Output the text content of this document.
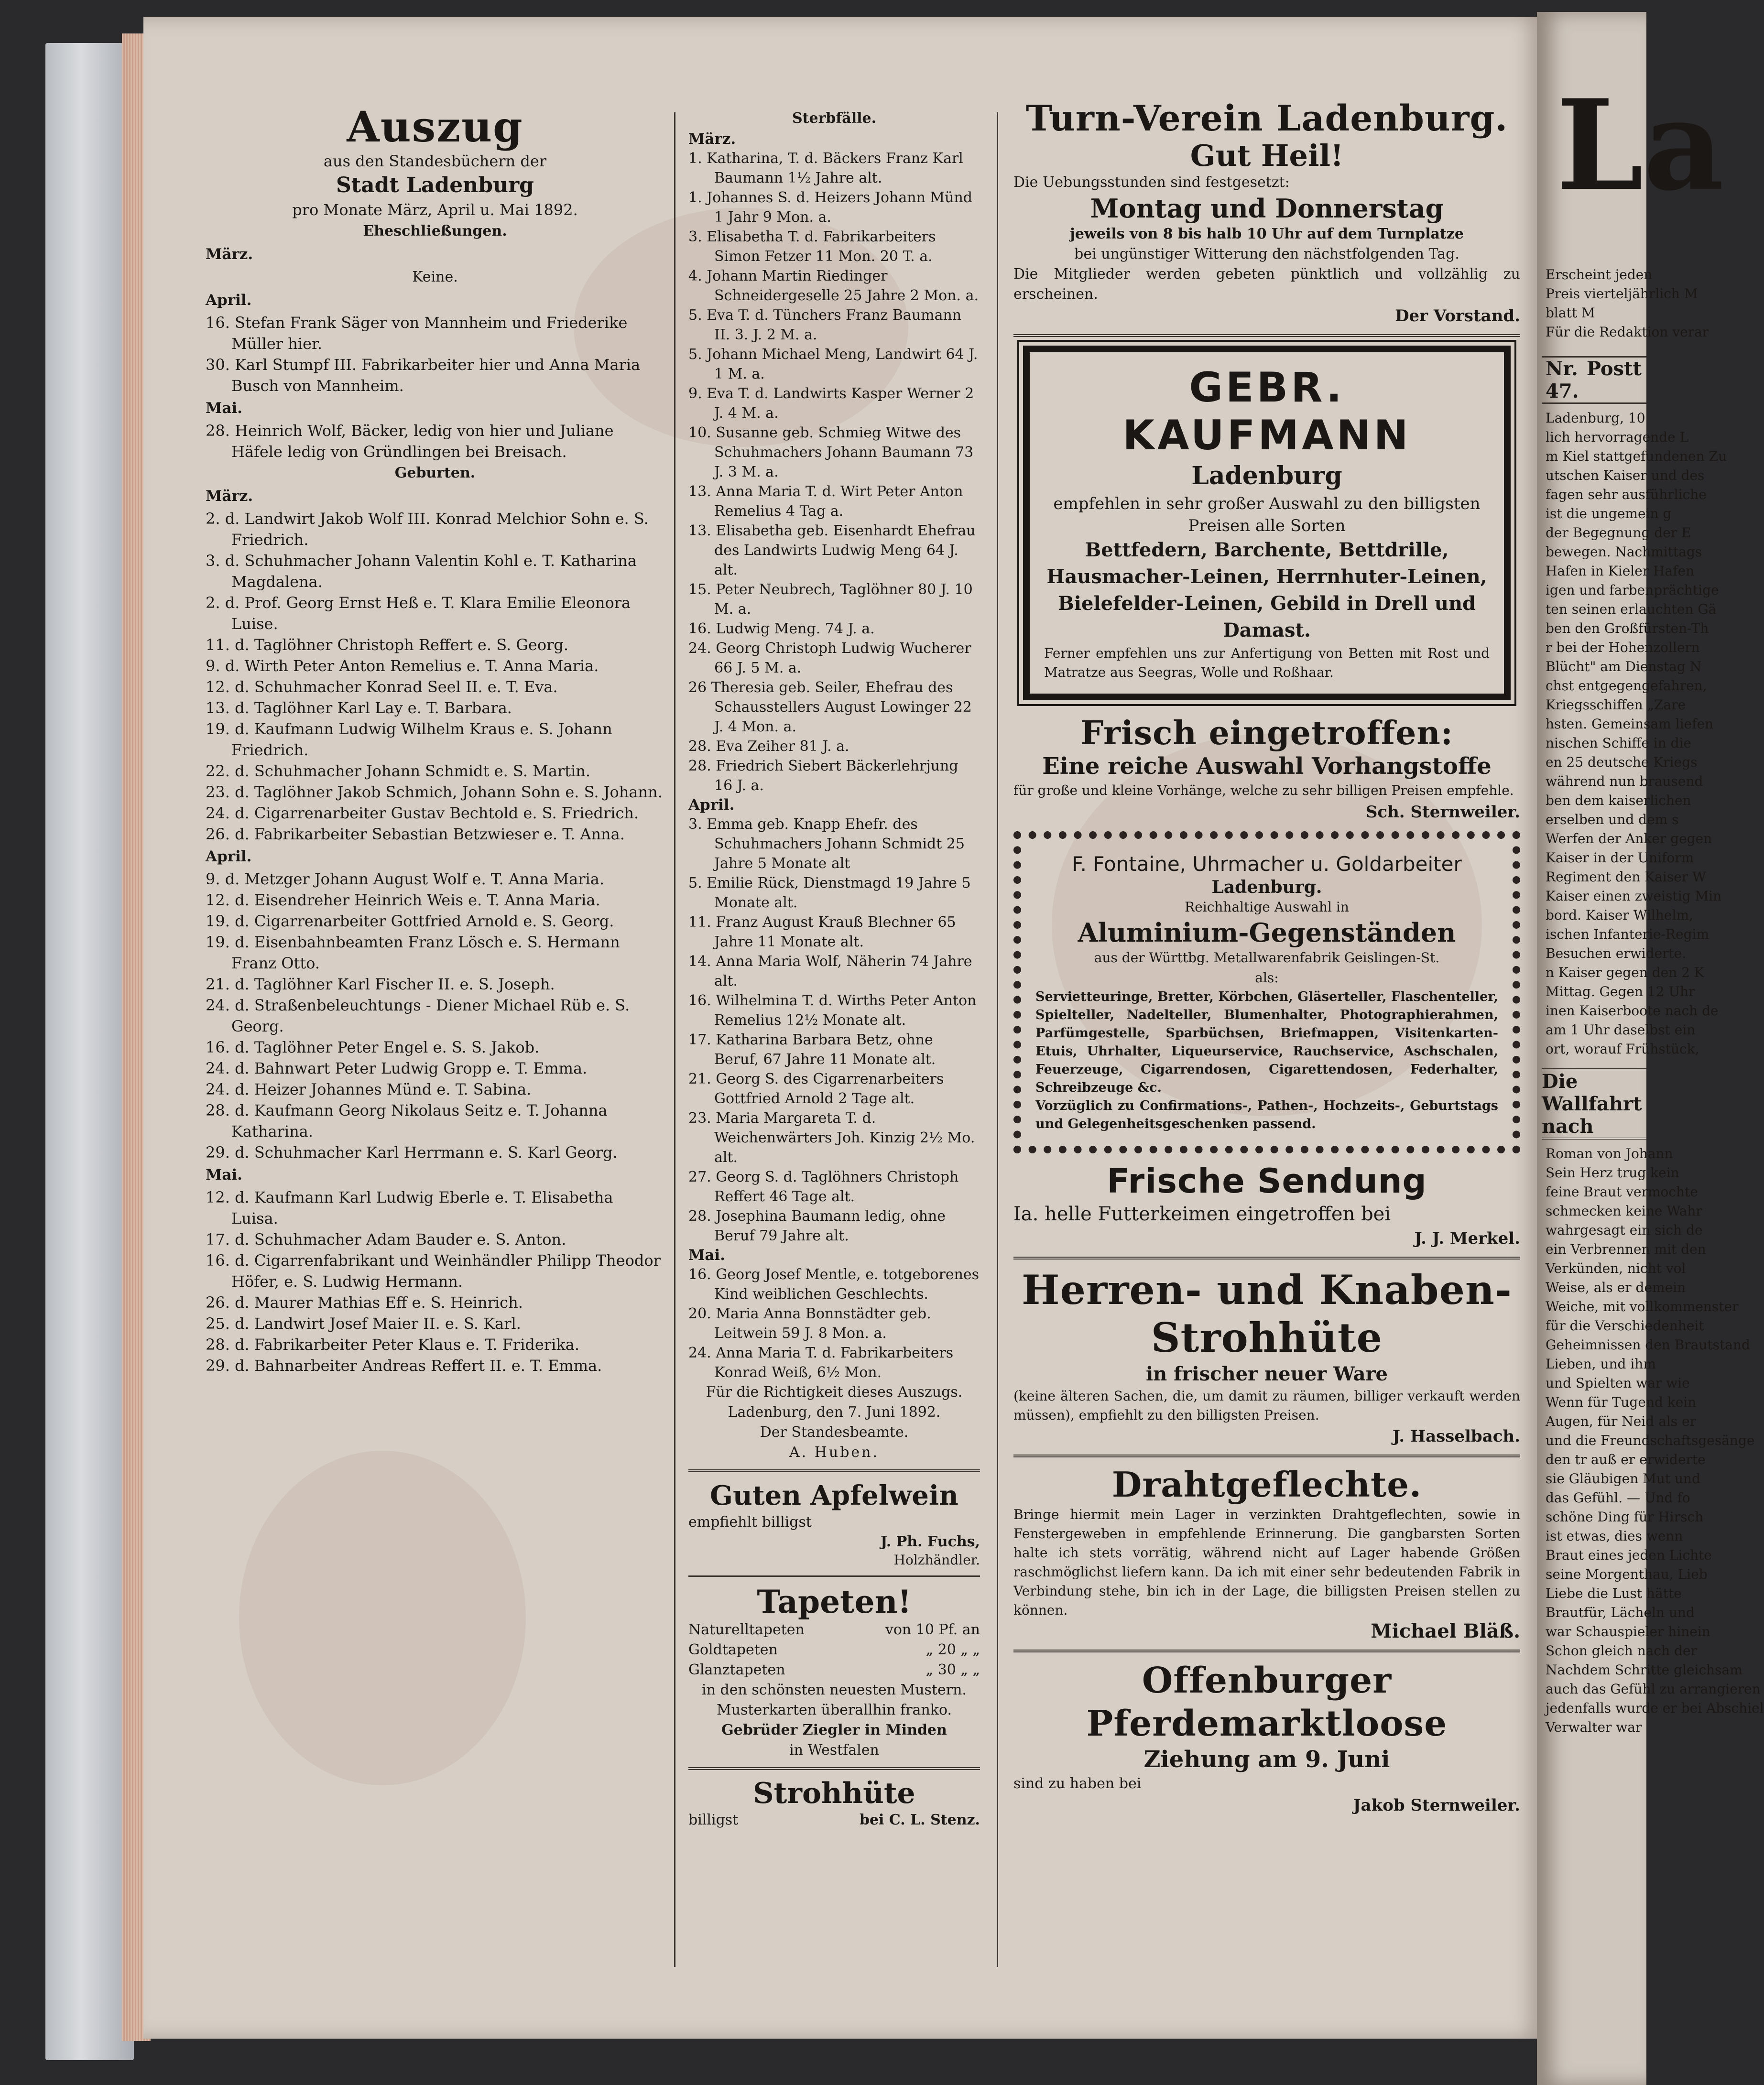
Auszug

aus den Standesbüchern der

Stadt Ladenburg

pro Monate März, April u. Mai 1892.

Eheschließungen.

März.

Keine.

April.

16. Stefan Frank Säger von Mannheim und Friederike Müller hier.

30. Karl Stumpf III. Fabrikarbeiter hier und Anna Maria Busch von Mannheim.

Mai.

28. Heinrich Wolf, Bäcker, ledig von hier und Juliane Häfele ledig von Gründlingen bei Breisach.

Geburten.

März.

2. d. Landwirt Jakob Wolf III. Konrad Melchior Sohn e. S. Friedrich.

3. d. Schuhmacher Johann Valentin Kohl e. T. Katharina Magdalena.

2. d. Prof. Georg Ernst Heß e. T. Klara Emilie Eleonora Luise.

11. d. Taglöhner Christoph Reffert e. S. Georg.

9. d. Wirth Peter Anton Remelius e. T. Anna Maria.

12. d. Schuhmacher Konrad Seel II. e. T. Eva.

13. d. Taglöhner Karl Lay e. T. Barbara.

19. d. Kaufmann Ludwig Wilhelm Kraus e. S. Johann Friedrich.

22. d. Schuhmacher Johann Schmidt e. S. Martin.

23. d. Taglöhner Jakob Schmich, Johann Sohn e. S. Johann.

24. d. Cigarrenarbeiter Gustav Bechtold e. S. Friedrich.

26. d. Fabrikarbeiter Sebastian Betzwieser e. T. Anna.

April.

9. d. Metzger Johann August Wolf e. T. Anna Maria.

12. d. Eisendreher Heinrich Weis e. T. Anna Maria.

19. d. Cigarrenarbeiter Gottfried Arnold e. S. Georg.

19. d. Eisenbahnbeamten Franz Lösch e. S. Hermann Franz Otto.

21. d. Taglöhner Karl Fischer II. e. S. Joseph.

24. d. Straßenbeleuchtungs - Diener Michael Rüb e. S. Georg.

16. d. Taglöhner Peter Engel e. S. S. Jakob.

24. d. Bahnwart Peter Ludwig Gropp e. T. Emma.

24. d. Heizer Johannes Münd e. T. Sabina.

28. d. Kaufmann Georg Nikolaus Seitz e. T. Johanna Katharina.

29. d. Schuhmacher Karl Herrmann e. S. Karl Georg.

Mai.

12. d. Kaufmann Karl Ludwig Eberle e. T. Elisabetha Luisa.

17. d. Schuhmacher Adam Bauder e. S. Anton.

16. d. Cigarrenfabrikant und Weinhändler Philipp Theodor Höfer, e. S. Ludwig Hermann.

26. d. Maurer Mathias Eff e. S. Heinrich.

25. d. Landwirt Josef Maier II. e. S. Karl.

28. d. Fabrikarbeiter Peter Klaus e. T. Friderika.

29. d. Bahnarbeiter Andreas Reffert II. e. T. Emma.

Sterbfälle.

März.

1. Katharina, T. d. Bäckers Franz Karl Baumann 1½ Jahre alt.

1. Johannes S. d. Heizers Johann Münd 1 Jahr 9 Mon. a.

3. Elisabetha T. d. Fabrikarbeiters Simon Fetzer 11 Mon. 20 T. a.

4. Johann Martin Riedinger Schneidergeselle 25 Jahre 2 Mon. a.

5. Eva T. d. Tünchers Franz Baumann II. 3. J. 2 M. a.

5. Johann Michael Meng, Landwirt 64 J. 1 M. a.

9. Eva T. d. Landwirts Kasper Werner 2 J. 4 M. a.

10. Susanne geb. Schmieg Witwe des Schuhmachers Johann Baumann 73 J. 3 M. a.

13. Anna Maria T. d. Wirt Peter Anton Remelius 4 Tag a.

13. Elisabetha geb. Eisenhardt Ehefrau des Landwirts Ludwig Meng 64 J. alt.

15. Peter Neubrech, Taglöhner 80 J. 10 M. a.

16. Ludwig Meng. 74 J. a.

24. Georg Christoph Ludwig Wucherer 66 J. 5 M. a.

26 Theresia geb. Seiler, Ehefrau des Schausstellers August Lowinger 22 J. 4 Mon. a.

28. Eva Zeiher 81 J. a.

28. Friedrich Siebert Bäckerlehrjung 16 J. a.

April.

3. Emma geb. Knapp Ehefr. des Schuhmachers Johann Schmidt 25 Jahre 5 Monate alt

5. Emilie Rück, Dienstmagd 19 Jahre 5 Monate alt.

11. Franz August Krauß Blechner 65 Jahre 11 Monate alt.

14. Anna Maria Wolf, Näherin 74 Jahre alt.

16. Wilhelmina T. d. Wirths Peter Anton Remelius 12½ Monate alt.

17. Katharina Barbara Betz, ohne Beruf, 67 Jahre 11 Monate alt.

21. Georg S. des Cigarrenarbeiters Gottfried Arnold 2 Tage alt.

23. Maria Margareta T. d. Weichenwärters Joh. Kinzig 2½ Mo. alt.

27. Georg S. d. Taglöhners Christoph Reffert 46 Tage alt.

28. Josephina Baumann ledig, ohne Beruf 79 Jahre alt.

Mai.

16. Georg Josef Mentle, e. totgeborenes Kind weiblichen Geschlechts.

20. Maria Anna Bonnstädter geb. Leitwein 59 J. 8 Mon. a.

24. Anna Maria T. d. Fabrikarbeiters Konrad Weiß, 6½ Mon.

Für die Richtigkeit dieses Auszugs.

Ladenburg, den 7. Juni 1892.

Der Standesbeamte.

A. Huben.

Guten Apfelwein

empfiehlt billigst

J. Ph. Fuchs,

Holzhändler.

Tapeten!

Naturelltapeten	von 10 Pf. an
Goldtapeten	„ 20 „ „
Glanztapeten	„ 30 „ „

in den schönsten neuesten Mustern.

Musterkarten überallhin franko.

Gebrüder Ziegler in Minden

in Westfalen

Strohhüte

billigst	bei C. L. Stenz.

Turn-Verein Ladenburg.

Gut Heil!

Die Uebungsstunden sind festgesetzt:

Montag und Donnerstag

jeweils von 8 bis halb 10 Uhr auf dem Turnplatze

bei ungünstiger Witterung den nächstfolgenden Tag.

Die Mitglieder werden gebeten pünktlich und vollzählig zu erscheinen.

Der Vorstand.

GEBR. KAUFMANN

Ladenburg

empfehlen in sehr großer Auswahl zu den billigsten Preisen alle Sorten

Bettfedern, Barchente, Bettdrille, Hausmacher-Leinen, Herrnhuter-Leinen, Bielefelder-Leinen, Gebild in Drell und Damast.

Ferner empfehlen uns zur Anfertigung von Betten mit Rost und Matratze aus Seegras, Wolle und Roßhaar.

Frisch eingetroffen:

Eine reiche Auswahl Vorhangstoffe

für große und kleine Vorhänge, welche zu sehr billigen Preisen empfehle.

Sch. Sternweiler.

F. Fontaine, Uhrmacher u. Goldarbeiter

Ladenburg.

Reichhaltige Auswahl in

Aluminium-Gegenständen

aus der Württbg. Metallwarenfabrik Geislingen-St.

als:

Servietteuringe, Bretter, Körbchen, Gläserteller, Flaschenteller, Spielteller, Nadelteller, Blumenhalter, Photographierahmen, Parfümgestelle, Sparbüchsen, Briefmappen, Visitenkarten-Etuis, Uhrhalter, Liqueurservice, Rauchservice, Aschschalen, Feuerzeuge, Cigarrendosen, Cigarettendosen, Federhalter, Schreibzeuge &c.

Vorzüglich zu Confirmations-, Pathen-, Hochzeits-, Geburtstags und Gelegenheitsgeschenken passend.

Frische Sendung

Ia. helle Futterkeimen eingetroffen bei

J. J. Merkel.

Herren- und Knaben-Strohhüte

in frischer neuer Ware

(keine älteren Sachen, die, um damit zu räumen, billiger verkauft werden müssen), empfiehlt zu den billigsten Preisen.

J. Hasselbach.

Drahtgeflechte.

Bringe hiermit mein Lager in verzinkten Drahtgeflechten, sowie in Fenstergeweben in empfehlende Erinnerung. Die gangbarsten Sorten halte ich stets vorrätig, während nicht auf Lager habende Größen raschmöglichst liefern kann. Da ich mit einer sehr bedeutenden Fabrik in Verbindung stehe, bin ich in der Lage, die billigsten Preisen stellen zu können.

Michael Bläß.

Offenburger Pferdemarktloose

Ziehung am 9. Juni

sind zu haben bei

Jakob Sternweiler.

La

Erscheint jeden

Preis vierteljährlich M

blatt M

Für die Redaktion verar

Nr. 47.
Postt

Ladenburg, 10

lich hervorragende L

m Kiel stattgefundenen Zu

utschen Kaiser und des

fagen sehr ausführliche

ist die ungemein g

der Begegnung der E

bewegen. Nachmittags

Hafen in Kieler Hafen

igen und farbenprächtige

ten seinen erlauchten Gä

ben den Großfürsten-Th

r bei der Hohenzollern

Blücht" am Dienstag N

chst entgegengefahren,

Kriegsschiffen „Zare

hsten. Gemeinsam liefen

nischen Schiffe in die

en 25 deutsche Kriegs

während nun brausend

ben dem kaiserlichen

erselben und dem s

Werfen der Anker gegen

Kaiser in der Uniform

Regiment den Kaiser W

Kaiser einen zweistig Min

bord. Kaiser Wilhelm,

ischen Infanterie-Regim

Besuchen erwiderte.

n Kaiser gegen den 2 K

Mittag. Gegen 12 Uhr

inen Kaiserboote nach de

am 1 Uhr daselbst ein

ort, worauf Frühstück,

Die Wallfahrt nach

Roman von Johann

Sein Herz trug kein

feine Braut vermochte

schmecken keine Wahr

wahrgesagt ein sich de

ein Verbrennen mit den

Verkünden, nicht vol

Weise, als er demein

Weiche, mit vollkommenster

für die Verschiedenheit

Geheimnissen den Brautstand

Lieben, und ihm

und Spielten war wie

Wenn für Tugend kein

Augen, für Neid als er

und die Freundschaftsgesänge

den tr auß er erwiderte

sie Gläubigen Mut und

das Gefühl. — Und fo

schöne Ding für Hirsch

ist etwas, dies wenn

Braut eines jeden Lichte

seine Morgenthau, Lieb

Liebe die Lust hätte

Brautfür, Lächeln und

war Schauspieler hinein

Schon gleich nach der

Nachdem Schritte gleichsam

auch das Gefühl zu arrangieren

jedenfalls wurde er bei Abschiel

Verwalter war
